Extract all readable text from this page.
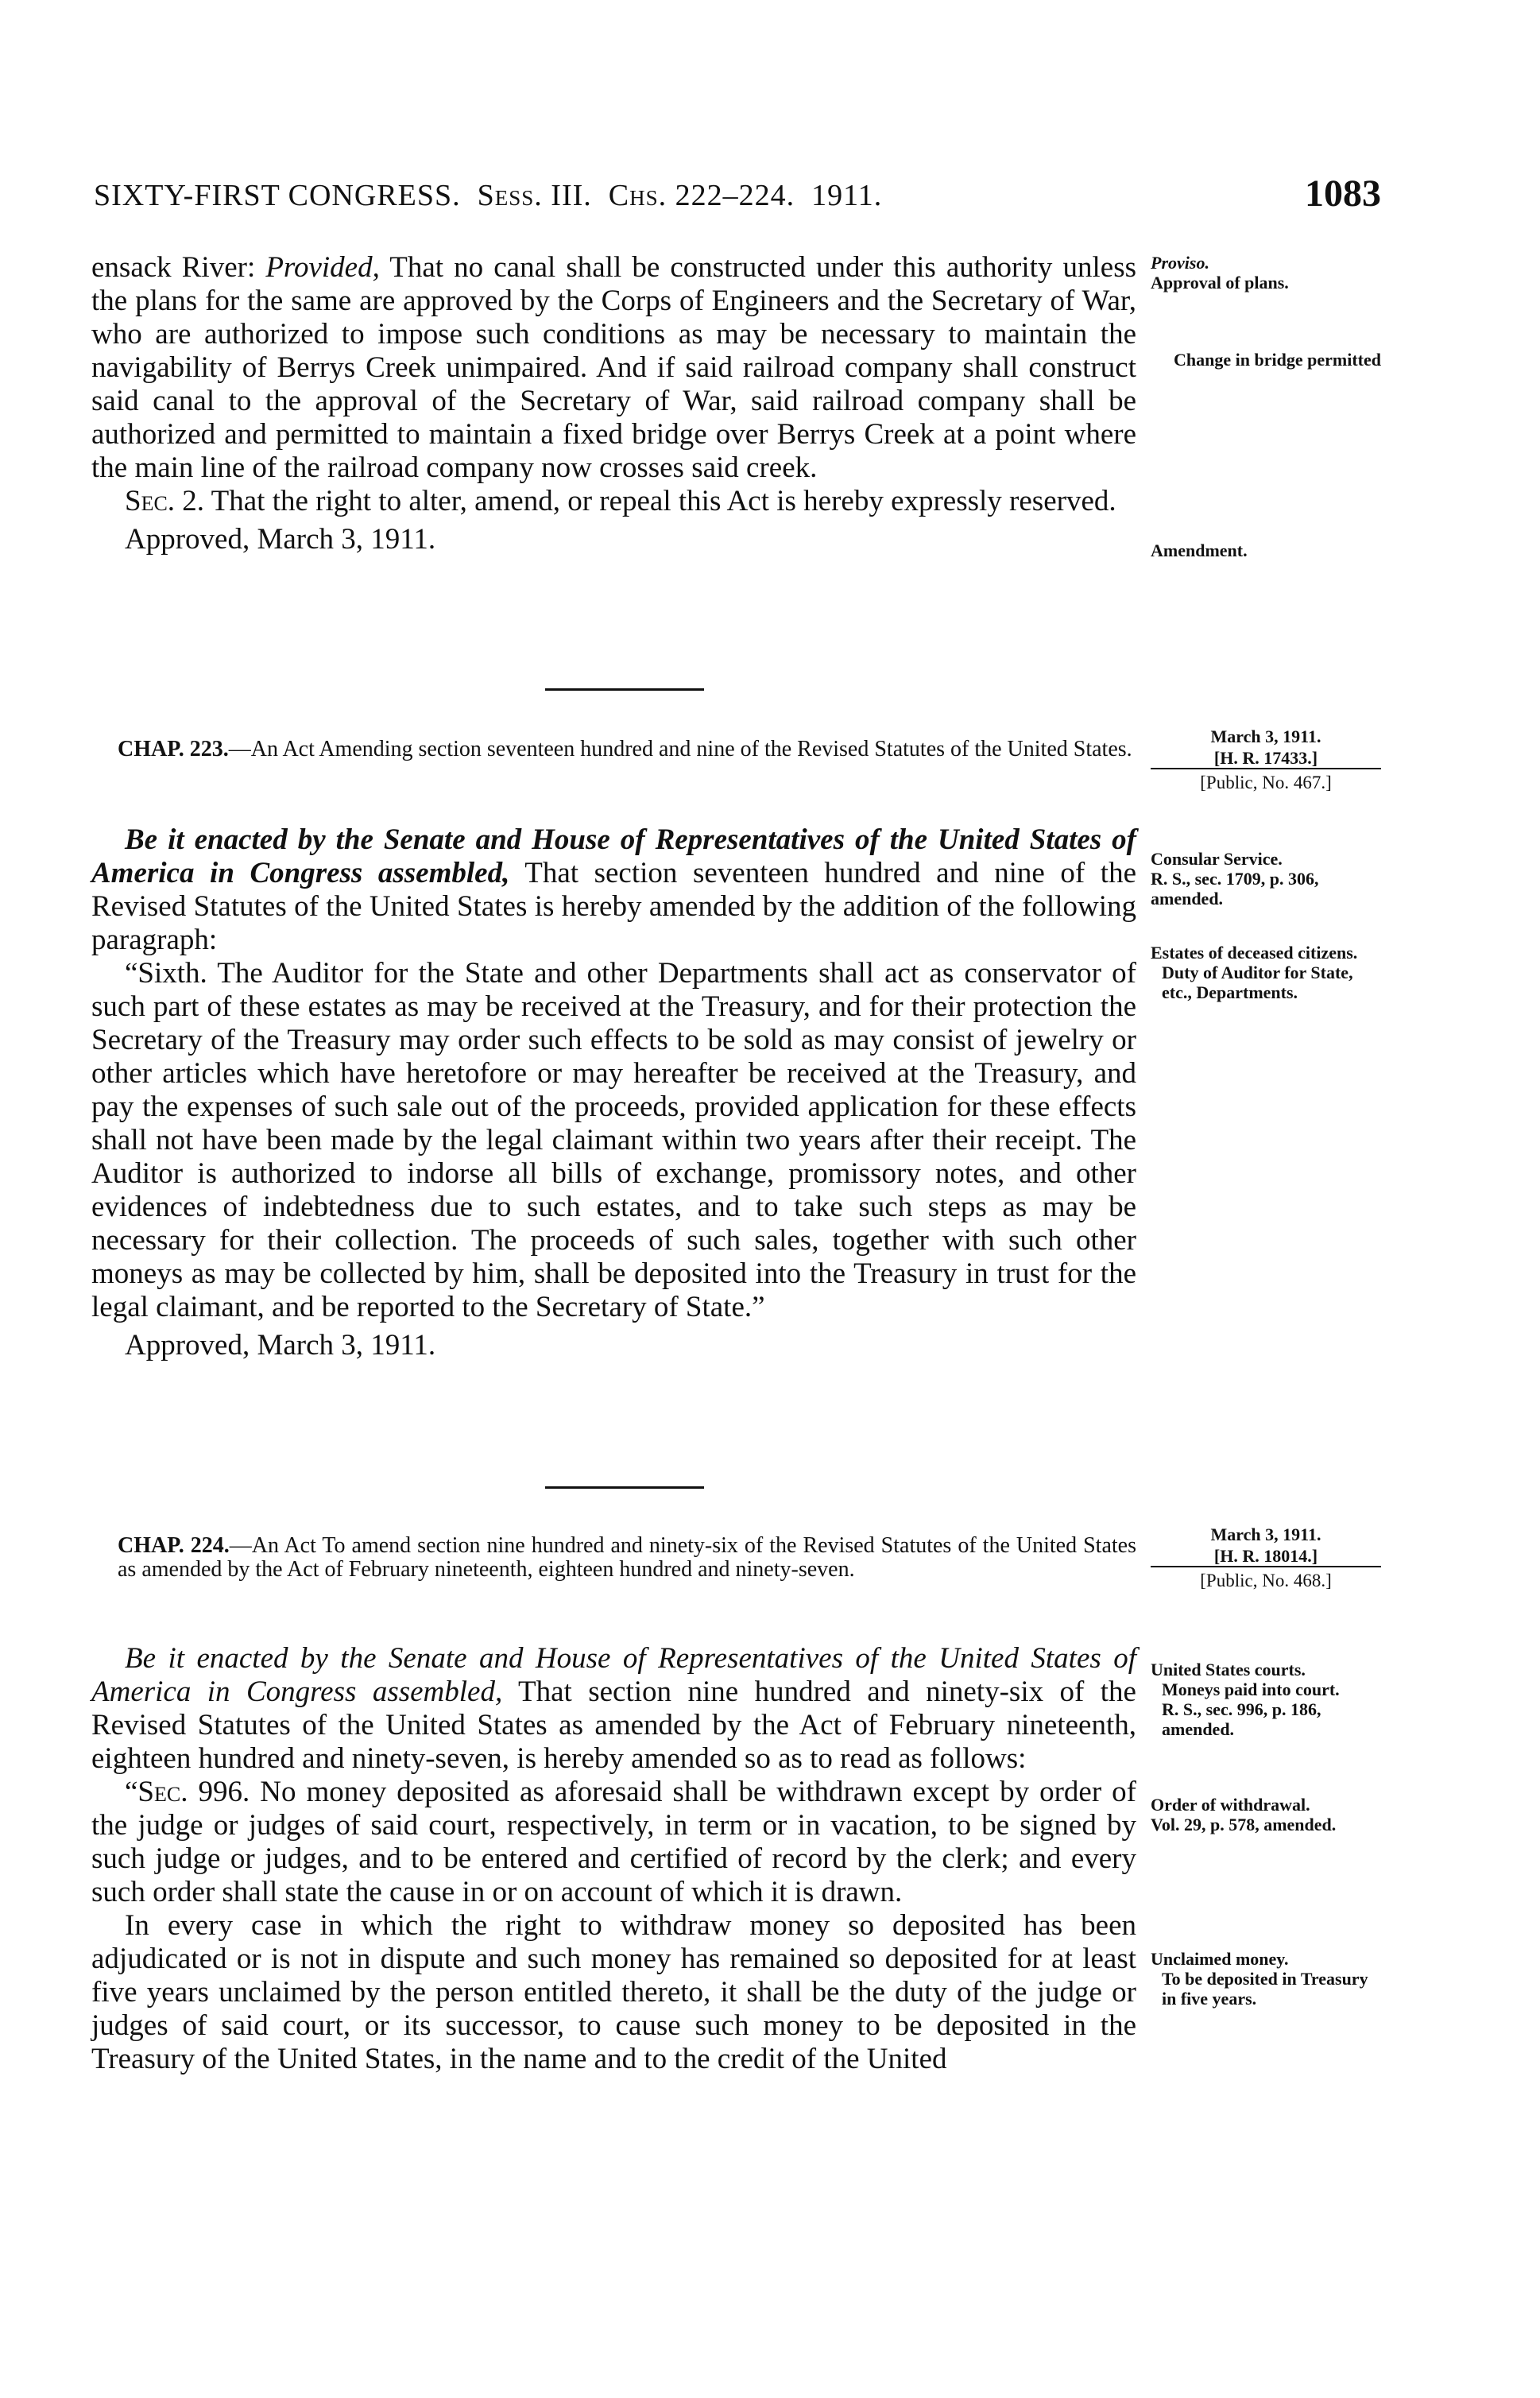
SIXTY-FIRST CONGRESS. Sess. III. Chs. 222–224. 1911.	1083

ensack River: Provided, That no canal shall be constructed under this authority unless the plans for the same are approved by the Corps of Engineers and the Secretary of War, who are authorized to impose such conditions as may be necessary to maintain the navigability of Berrys Creek unimpaired. And if said railroad company shall construct said canal to the approval of the Secretary of War, said railroad company shall be authorized and permitted to maintain a fixed bridge over Berrys Creek at a point where the main line of the railroad company now crosses said creek.

Sec. 2. That the right to alter, amend, or repeal this Act is hereby expressly reserved.

Approved, March 3, 1911.
Proviso.
Approval of plans.
Change in bridge permitted
Amendment.
CHAP. 223.—An Act Amending section seventeen hundred and nine of the Revised Statutes of the United States.
March 3, 1911.
[H. R. 17433.]
[Public, No. 467.]

Be it enacted by the Senate and House of Representatives of the United States of America in Congress assembled, That section seventeen hundred and nine of the Revised Statutes of the United States is hereby amended by the addition of the following paragraph:

“Sixth. The Auditor for the State and other Departments shall act as conservator of such part of these estates as may be received at the Treasury, and for their protection the Secretary of the Treasury may order such effects to be sold as may consist of jewelry or other articles which have heretofore or may hereafter be received at the Treasury, and pay the expenses of such sale out of the proceeds, provided application for these effects shall not have been made by the legal claimant within two years after their receipt. The Auditor is authorized to indorse all bills of exchange, promissory notes, and other evidences of indebtedness due to such estates, and to take such steps as may be necessary for their collection. The proceeds of such sales, together with such other moneys as may be collected by him, shall be deposited into the Treasury in trust for the legal claimant, and be reported to the Secretary of State.”

Approved, March 3, 1911.
Consular Service.
R. S., sec. 1709, p. 306, amended.
Estates of deceased citizens.

Duty of Auditor for State, etc., Departments.
CHAP. 224.—An Act To amend section nine hundred and ninety-six of the Revised Statutes of the United States as amended by the Act of February nineteenth, eighteen hundred and ninety-seven.
March 3, 1911.
[H. R. 18014.]
[Public, No. 468.]

Be it enacted by the Senate and House of Representatives of the United States of America in Congress assembled, That section nine hundred and ninety-six of the Revised Statutes of the United States as amended by the Act of February nineteenth, eighteen hundred and ninety-seven, is hereby amended so as to read as follows:

“Sec. 996. No money deposited as aforesaid shall be withdrawn except by order of the judge or judges of said court, respectively, in term or in vacation, to be signed by such judge or judges, and to be entered and certified of record by the clerk; and every such order shall state the cause in or on account of which it is drawn.

In every case in which the right to withdraw money so deposited has been adjudicated or is not in dispute and such money has remained so deposited for at least five years unclaimed by the person entitled thereto, it shall be the duty of the judge or judges of said court, or its successor, to cause such money to be deposited in the Treasury of the United States, in the name and to the credit of the United

United States courts.

Moneys paid into court.
R. S., sec. 996, p. 186, amended.
Order of withdrawal.
Vol. 29, p. 578, amended.
Unclaimed money.

To be deposited in Treasury in five years.
